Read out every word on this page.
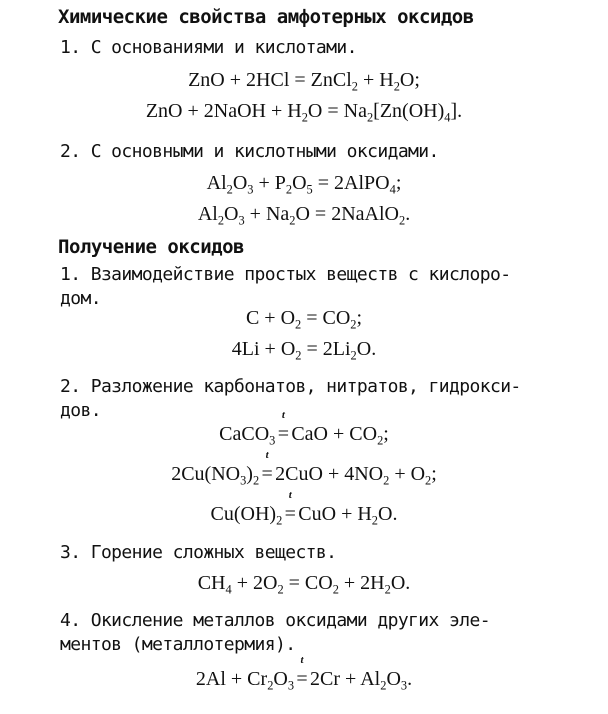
Химические свойства амфотерных оксидов
1. С основаниями и кислотами.
ZnO + 2HCl = ZnCl$_2$ + $H_2O$;
ZnO + 2NaOH + $H_2O = Na_2[Zn(OH)_4]$.
2. С основными и кислотными оксидами.
$Al_2O_3 + P_2O_5$ = 2AlPO$_4$;
$Al_2O_3 + Na_2O$ = 2NaAlO$_2$.
Получение оксидов
1. Взаимодействие простых веществ с кислоро-
дом.
$C + O_2 = CO_2$;
$4Li + O_2 = 2Li_2O$.
2. Разложение карбонатов, нитратов, гидрокси-
дов.
CaCO$_3$
t
= CaO + $CO_2$;
$2Cu(NO_3)_2$
t
= $2CuO + 4NO_2 + O_2$;
$Cu(OH)_2$
t
= CuO + $H_2O$.
3. Горение сложных веществ.
$CH_4 + 2O_2 = CO_2 + 2H_2O$.
4. Окисление металлов оксидами других эле-
ментов (металлотермия).
$2Al + Cr_2O_3$
t
= $2Cr + Al_2O_3$.
